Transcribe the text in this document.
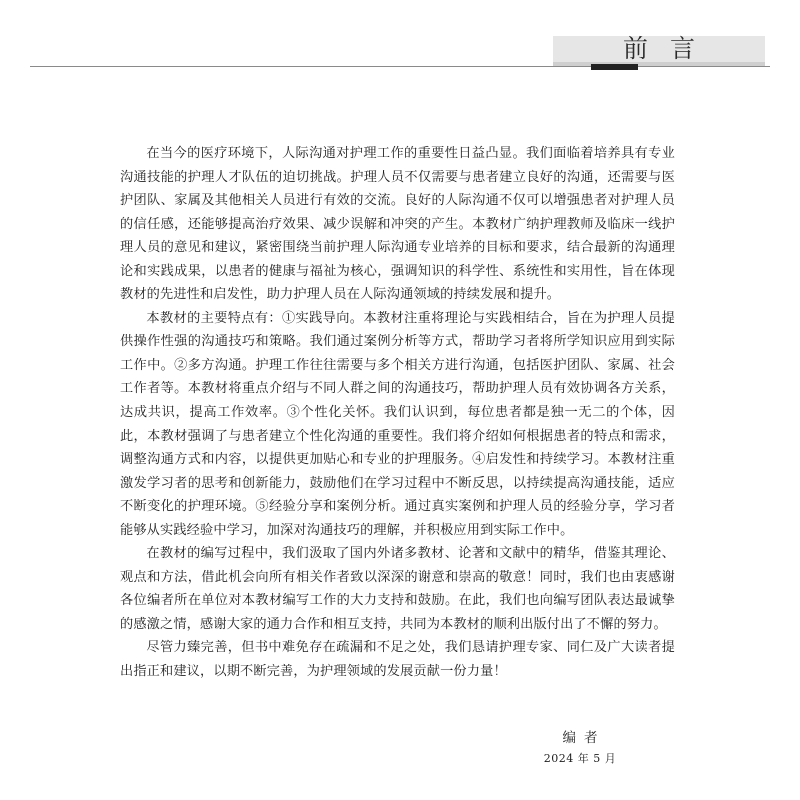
前言

在当今的医疗环境下，人际沟通对护理工作的重要性日益凸显。我们面临着培养具有专业沟通技能的护理人才队伍的迫切挑战。护理人员不仅需要与患者建立良好的沟通，还需要与医护团队、家属及其他相关人员进行有效的交流。良好的人际沟通不仅可以增强患者对护理人员的信任感，还能够提高治疗效果、减少误解和冲突的产生。本教材广纳护理教师及临床一线护理人员的意见和建议，紧密围绕当前护理人际沟通专业培养的目标和要求，结合最新的沟通理论和实践成果，以患者的健康与福祉为核心，强调知识的科学性、系统性和实用性，旨在体现教材的先进性和启发性，助力护理人员在人际沟通领域的持续发展和提升。

本教材的主要特点有：①实践导向。本教材注重将理论与实践相结合，旨在为护理人员提供操作性强的沟通技巧和策略。我们通过案例分析等方式，帮助学习者将所学知识应用到实际工作中。②多方沟通。护理工作往往需要与多个相关方进行沟通，包括医护团队、家属、社会工作者等。本教材将重点介绍与不同人群之间的沟通技巧，帮助护理人员有效协调各方关系，达成共识，提高工作效率。③个性化关怀。我们认识到，每位患者都是独一无二的个体，因此，本教材强调了与患者建立个性化沟通的重要性。我们将介绍如何根据患者的特点和需求，调整沟通方式和内容，以提供更加贴心和专业的护理服务。④启发性和持续学习。本教材注重激发学习者的思考和创新能力，鼓励他们在学习过程中不断反思，以持续提高沟通技能，适应不断变化的护理环境。⑤经验分享和案例分析。通过真实案例和护理人员的经验分享，学习者能够从实践经验中学习，加深对沟通技巧的理解，并积极应用到实际工作中。

在教材的编写过程中，我们汲取了国内外诸多教材、论著和文献中的精华，借鉴其理论、观点和方法，借此机会向所有相关作者致以深深的谢意和崇高的敬意！同时，我们也由衷感谢各位编者所在单位对本教材编写工作的大力支持和鼓励。在此，我们也向编写团队表达最诚挚的感激之情，感谢大家的通力合作和相互支持，共同为本教材的顺利出版付出了不懈的努力。

尽管力臻完善，但书中难免存在疏漏和不足之处，我们恳请护理专家、同仁及广大读者提出指正和建议，以期不断完善，为护理领域的发展贡献一份力量！

编者
2024 年 5 月
